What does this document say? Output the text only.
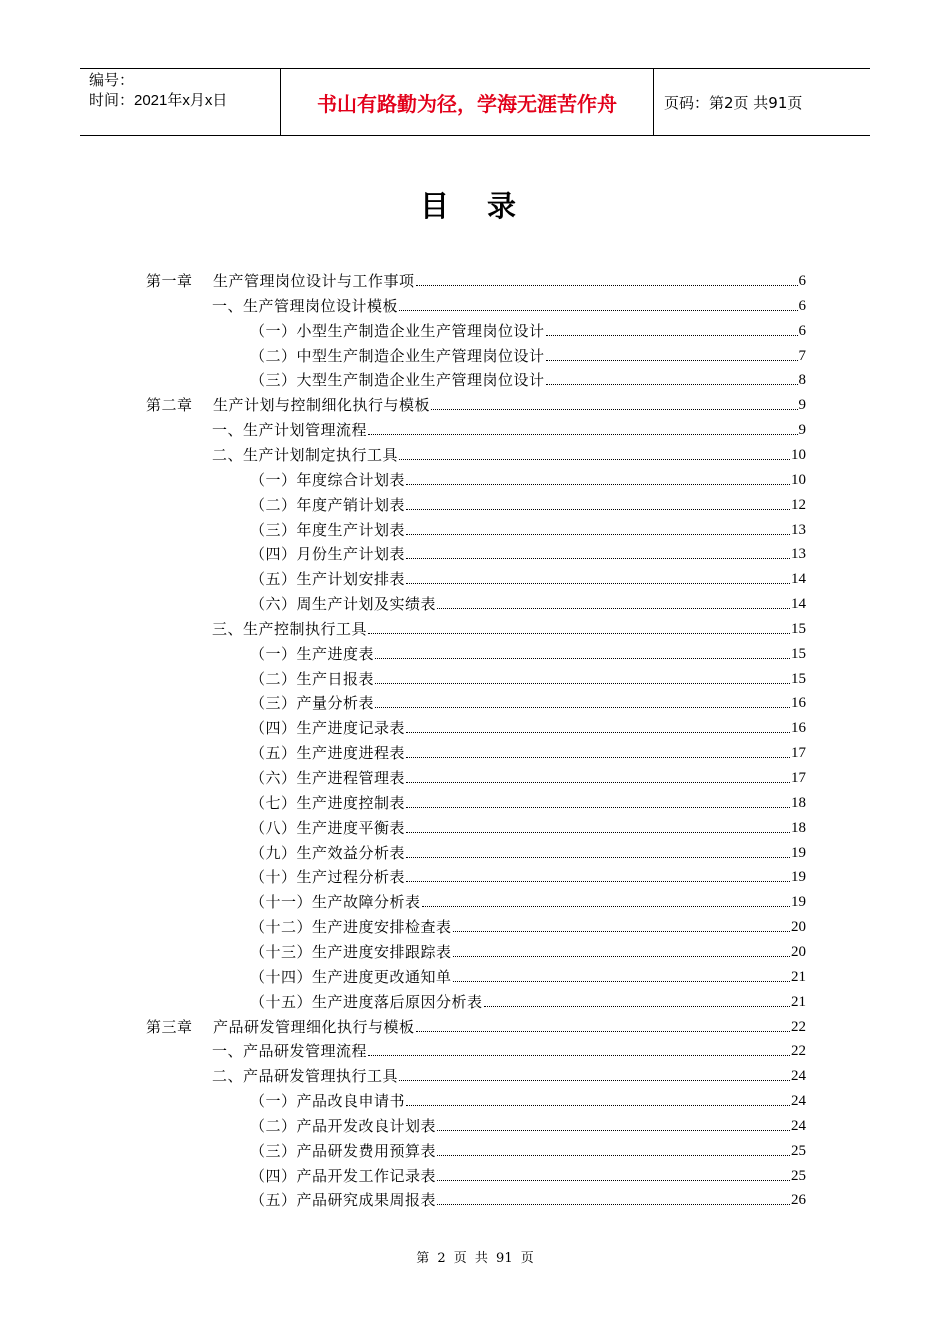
编号：
时间：2021年x月x日	书山有路勤为径，学海无涯苦作舟	页码：第2页 共91页
目 录
第一章 生产管理岗位设计与工作事项	6
一、生产管理岗位设计模板	6
（一）小型生产制造企业生产管理岗位设计	6
（二）中型生产制造企业生产管理岗位设计	7
（三）大型生产制造企业生产管理岗位设计	8
第二章 生产计划与控制细化执行与模板	9
一、生产计划管理流程	9
二、生产计划制定执行工具	10
（一）年度综合计划表	10
（二）年度产销计划表	12
（三）年度生产计划表	13
（四）月份生产计划表	13
（五）生产计划安排表	14
（六）周生产计划及实绩表	14
三、生产控制执行工具	15
（一）生产进度表	15
（二）生产日报表	15
（三）产量分析表	16
（四）生产进度记录表	16
（五）生产进度进程表	17
（六）生产进程管理表	17
（七）生产进度控制表	18
（八）生产进度平衡表	18
（九）生产效益分析表	19
（十）生产过程分析表	19
（十一）生产故障分析表	19
（十二）生产进度安排检查表	20
（十三）生产进度安排跟踪表	20
（十四）生产进度更改通知单	21
（十五）生产进度落后原因分析表	21
第三章 产品研发管理细化执行与模板	22
一、产品研发管理流程	22
二、产品研发管理执行工具	24
（一）产品改良申请书	24
（二）产品开发改良计划表	24
（三）产品研发费用预算表	25
（四）产品开发工作记录表	25
（五）产品研究成果周报表	26
第 2 页 共 91 页
